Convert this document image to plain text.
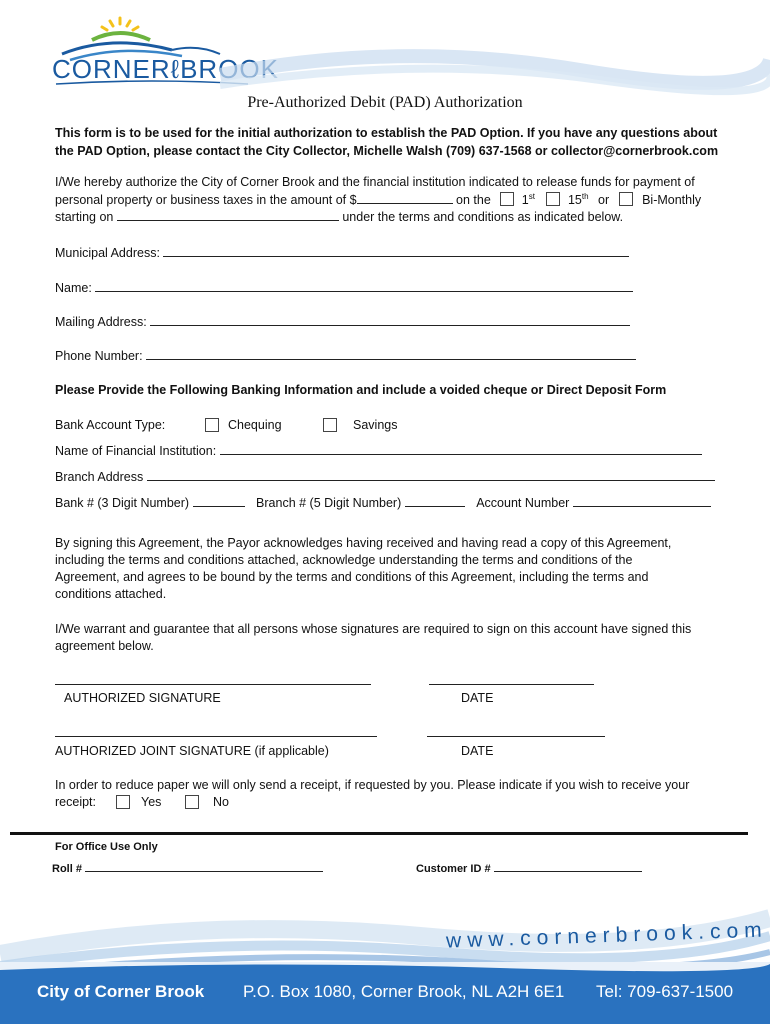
CORNERℓBROOK
Pre-Authorized Debit (PAD) Authorization
This form is to be used for the initial authorization to establish the PAD Option. If you have any questions about
the PAD Option, please contact the City Collector, Michelle Walsh (709) 637-1568 or collector@cornerbrook.com
I/We hereby authorize the City of Corner Brook and the financial institution indicated to release funds for payment of
personal property or business taxes in the amount of $	on the 1st	15th or	Bi-Monthly
starting on	under the terms and conditions as indicated below.
Municipal Address:
Name:
Mailing Address:
Phone Number:
Please Provide the Following Banking Information and include a voided cheque or Direct Deposit Form
Bank Account Type:	Chequing	Savings
Name of Financial Institution:
Branch Address
Bank # (3 Digit Number)	Branch # (5 Digit Number)	Account Number
By signing this Agreement, the Payor acknowledges having received and having read a copy of this Agreement,
including the terms and conditions attached, acknowledge understanding the terms and conditions of the
Agreement, and agrees to be bound by the terms and conditions of this Agreement, including the terms and
conditions attached.
I/We warrant and guarantee that all persons whose signatures are required to sign on this account have signed this
agreement below.
AUTHORIZED SIGNATURE	DATE
AUTHORIZED JOINT SIGNATURE (if applicable)	DATE
In order to reduce paper we will only send a receipt, if requested by you. Please indicate if you wish to receive your
receipt:	Yes	No
For Office Use Only
Roll #	Customer ID #
www.cornerbrook.com
City of Corner Brook P.O. Box 1080, Corner Brook, NL A2H 6E1 Tel: 709-637-1500
